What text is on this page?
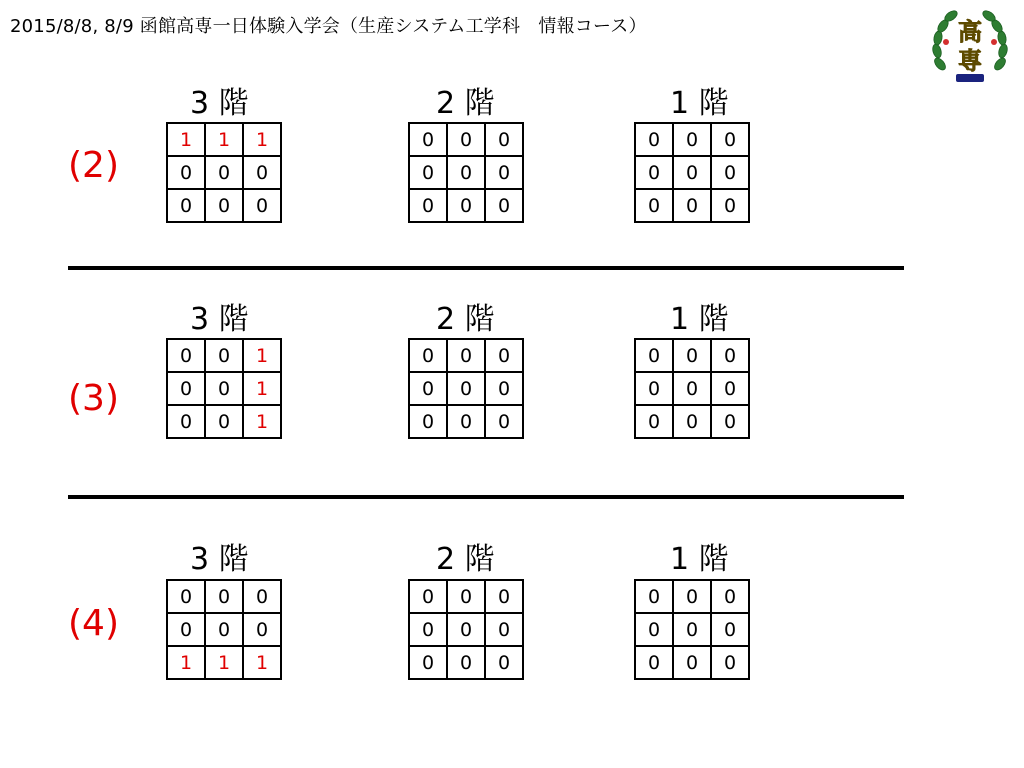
2015/8/8, 8/9 函館高専一日体験入学会（生産システム工学科　情報コース）	高
専
(2)
3 階	2 階	1 階
1	1	1
0	0	0
0	0	0
0	0	0
0	0	0
0	0	0
0	0	0
0	0	0
0	0	0
(3)
3 階	2 階	1 階
0	0	1
0	0	1
0	0	1
0	0	0
0	0	0
0	0	0
0	0	0
0	0	0
0	0	0
(4)
3 階	2 階	1 階
0	0	0
0	0	0
1	1	1
0	0	0
0	0	0
0	0	0
0	0	0
0	0	0
0	0	0
